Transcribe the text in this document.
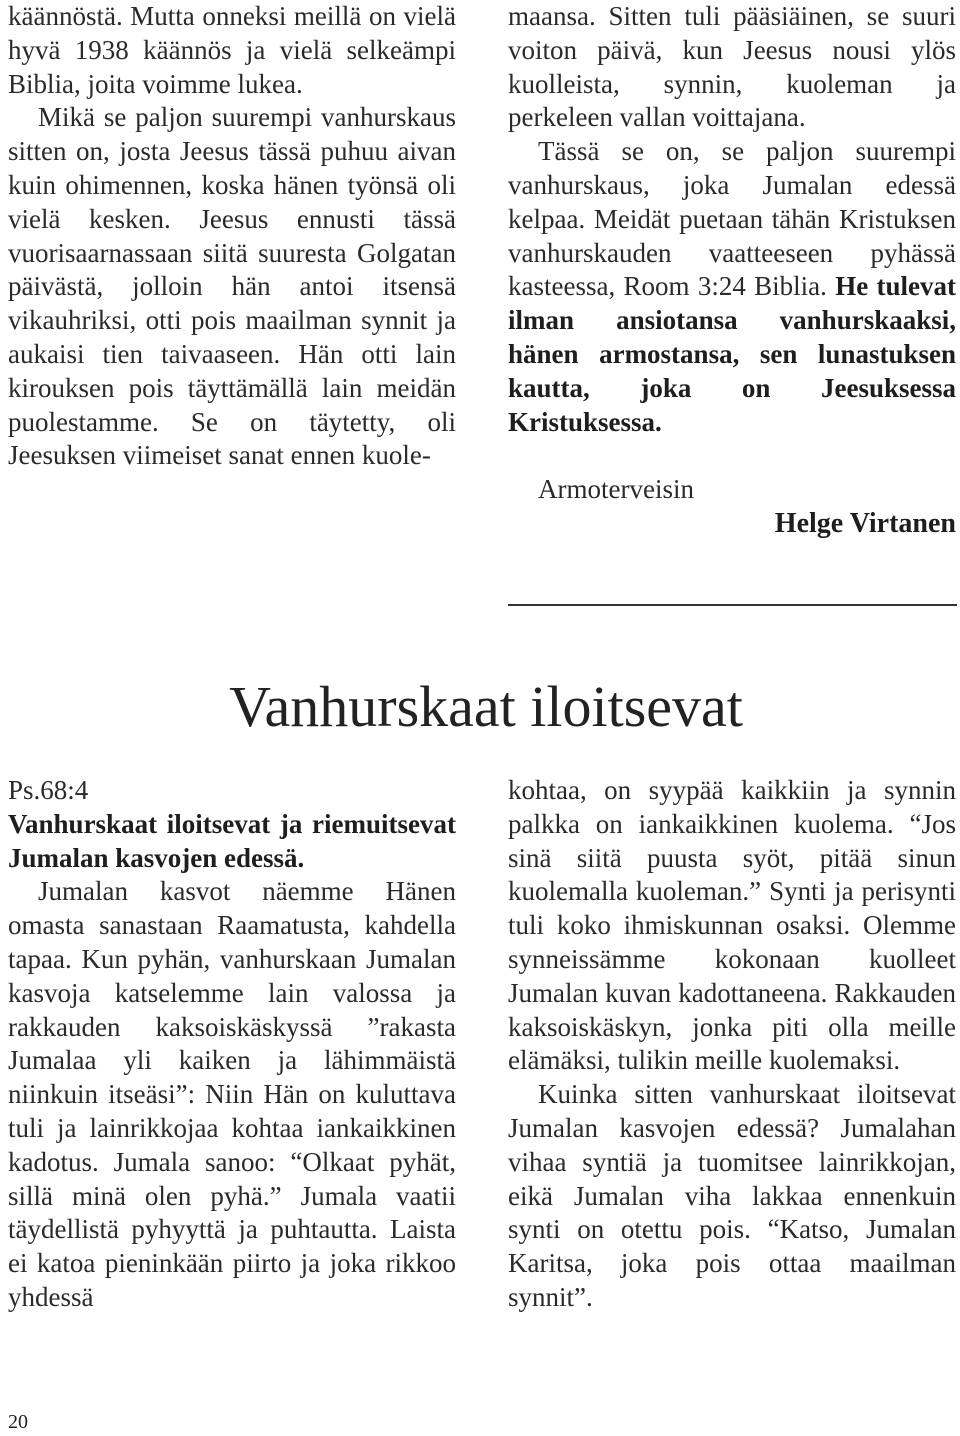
käännöstä. Mutta onneksi meillä on vielä hyvä 1938 käännös ja vielä selkeämpi Biblia, joita voimme lukea.

Mikä se paljon suurempi vanhurskaus sitten on, josta Jeesus tässä puhuu aivan kuin ohimennen, koska hänen työnsä oli vielä kesken. Jeesus ennusti tässä vuorisaarnassaan siitä suuresta Golgatan päivästä, jolloin hän antoi itsensä vikauhriksi, otti pois maailman synnit ja aukaisi tien taivaaseen. Hän otti lain kirouksen pois täyttämällä lain meidän puolestamme. Se on täytetty, oli Jeesuksen viimeiset sanat ennen kuole-

maansa. Sitten tuli pääsiäinen, se suuri voiton päivä, kun Jeesus nousi ylös kuolleista, synnin, kuoleman ja perkeleen vallan voittajana.

Tässä se on, se paljon suurempi vanhurskaus, joka Jumalan edessä kelpaa. Meidät puetaan tähän Kristuksen vanhurskauden vaatteeseen pyhässä kasteessa, Room 3:24 Biblia. He tulevat ilman ansiotansa vanhurskaaksi, hänen armostansa, sen lunastuksen kautta, joka on Jeesuksessa Kristuksessa.

Armoterveisin

Helge Virtanen

Vanhurskaat iloitsevat

Ps.68:4

Vanhurskaat iloitsevat ja riemuitsevat Jumalan kasvojen edessä.

Jumalan kasvot näemme Hänen omasta sanastaan Raamatusta, kahdella tapaa. Kun pyhän, vanhurskaan Jumalan kasvoja katselemme lain valossa ja rakkauden kaksoiskäskyssä ”rakasta Jumalaa yli kaiken ja lähimmäistä niinkuin itseäsi”: Niin Hän on kuluttava tuli ja lainrikkojaa kohtaa iankaikkinen kadotus. Jumala sanoo: “Olkaat pyhät, sillä minä olen pyhä.” Jumala vaatii täydellistä pyhyyttä ja puhtautta. Laista ei katoa pieninkään piirto ja joka rikkoo yhdessä

kohtaa, on syypää kaikkiin ja synnin palkka on iankaikkinen kuolema. “Jos sinä siitä puusta syöt, pitää sinun kuolemalla kuoleman.” Synti ja perisynti tuli koko ihmiskunnan osaksi. Olemme synneissämme kokonaan kuolleet Jumalan kuvan kadottaneena. Rakkauden kaksoiskäskyn, jonka piti olla meille elämäksi, tulikin meille kuolemaksi.

Kuinka sitten vanhurskaat iloitsevat Jumalan kasvojen edessä? Jumalahan vihaa syntiä ja tuomitsee lainrikkojan, eikä Jumalan viha lakkaa ennenkuin synti on otettu pois. “Katso, Jumalan Karitsa, joka pois ottaa maailman synnit”.

20
